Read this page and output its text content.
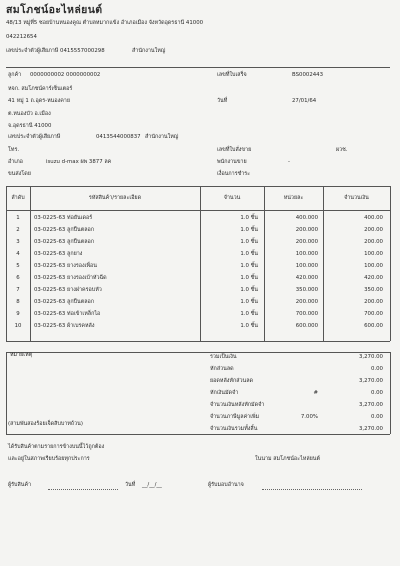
สมโภชน์อะไหล่ยนต์
48/13 หมู่ที่5 ซอยบ้านหนองคูณ ตำบลหมากแข้ง อำเภอเมือง จังหวัดอุดรธานี 41000
042212654
เลขประจำตัวผู้เสียภาษี 0415557000298	สำนักงานใหญ่
ลูกค้า 0000000002 0000000002
หจก. สมโภชน์คาร์เซ็นเตอร์
41 หมู่ 1 ถ.อุดร-หนองคาย
ต.หนองบัว อ.เมือง
จ.อุดรธานี 41000
เลขประจำตัวผู้เสียภาษี	0413544000837 สำนักงานใหญ่
โทร.
อำเภอ	isuzu d-max ผพ 3877 ลค
ขนส่งโดย
เลขที่ใบเสร็จ	BS0002443
วันที่	27/01/64
เลขที่ใบสั่งขาย	ผวช.
พนักงานขาย	-
เงื่อนการชำระ
ลำดับ	รหัสสินค้า/รายละเอียด	จำนวน	หน่วยละ	จำนวนเงิน
1	03-0225-63 ท่อยันเดอร์	1.0 ชิ้น	400.000	400.00
2	03-0225-63 ลูกปืนตลอก	1.0 ชิ้น	200.000	200.00
3	03-0225-63 ลูกปืนตลอก	1.0 ชิ้น	200.000	200.00
4	03-0225-63 ลูกยาง	1.0 ชิ้น	100.000	100.00
5	03-0225-63 ยางรองเพื่อน	1.0 ชิ้น	100.000	100.00
6	03-0225-63 ยางรองเบ้าหัวฉีด	1.0 ชิ้น	420.000	420.00
7	03-0225-63 ยางฝาครอบหัว	1.0 ชิ้น	350.000	350.00
8	03-0225-63 ลูกปืนตลอก	1.0 ชิ้น	200.000	200.00
9	03-0225-63 ท่อเข้าเหล็กไอ	1.0 ชิ้น	700.000	700.00
10	03-0225-63 ผ้าเบรคหลัง	1.0 ชิ้น	600.000	600.00
หมายเหตุ
(สามพันสองร้อยเจ็ดสิบบาทถ้วน)
รวมเป็นเงิน	3,270.00
หักส่วนลด	0.00
ยอดหลังหักส่วนลด	3,270.00
หักเงินมัดจำ	#	0.00
จำนวนเงินหลังหักมัดจำ	3,270.00
จำนวนภาษีมูลค่าเพิ่ม	7.00%	0.00
จำนวนเงินรวมทั้งสิ้น	3,270.00
ได้รับสินค้าตามรายการข้างบนนี้ไว้ถูกต้อง
และอยู่ในสภาพเรียบร้อยทุกประการ	ในนาม สมโภชน์อะไหล่ยนต์
ผู้รับสินค้า	วันที่ __/__/__	ผู้รับมอบอำนาจ
